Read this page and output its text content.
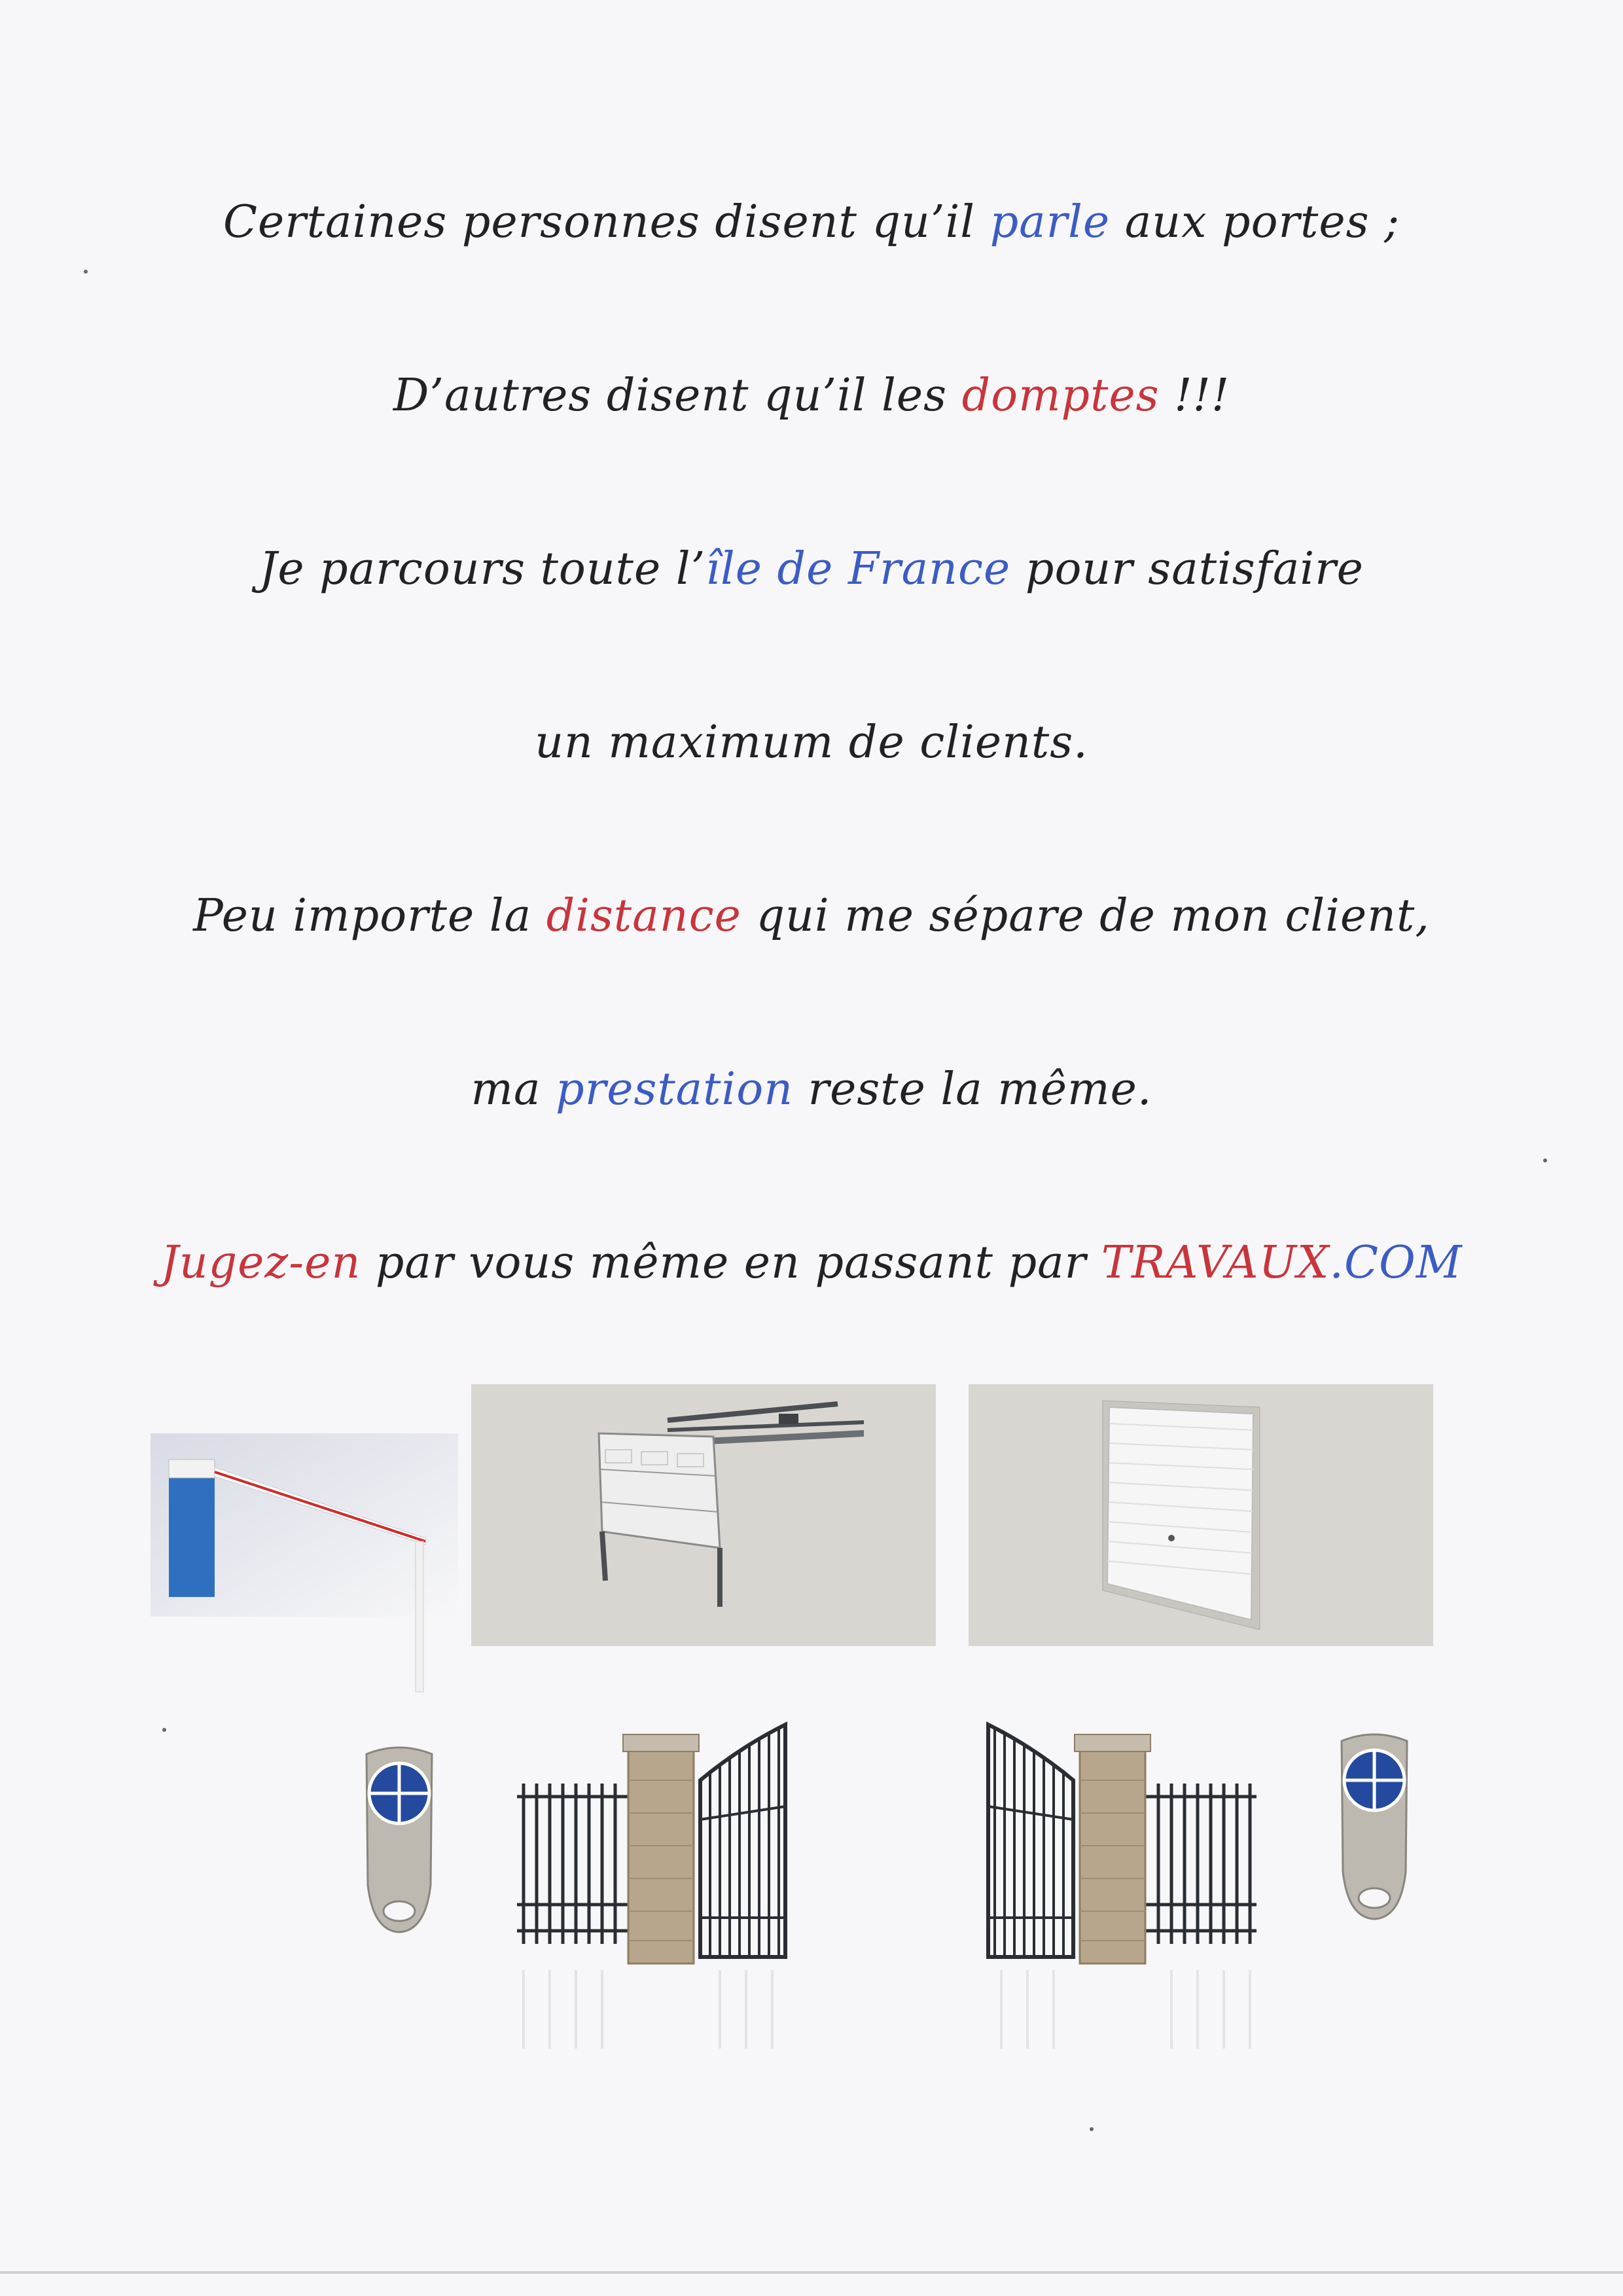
Certaines personnes disent qu’il parle aux portes ;
D’autres disent qu’il les domptes !!!
Je parcours toute l’île de France pour satisfaire
un maximum de clients.
Peu importe la distance qui me sépare de mon client,
ma prestation reste la même.
Jugez-en par vous même en passant par TRAVAUX.COM
